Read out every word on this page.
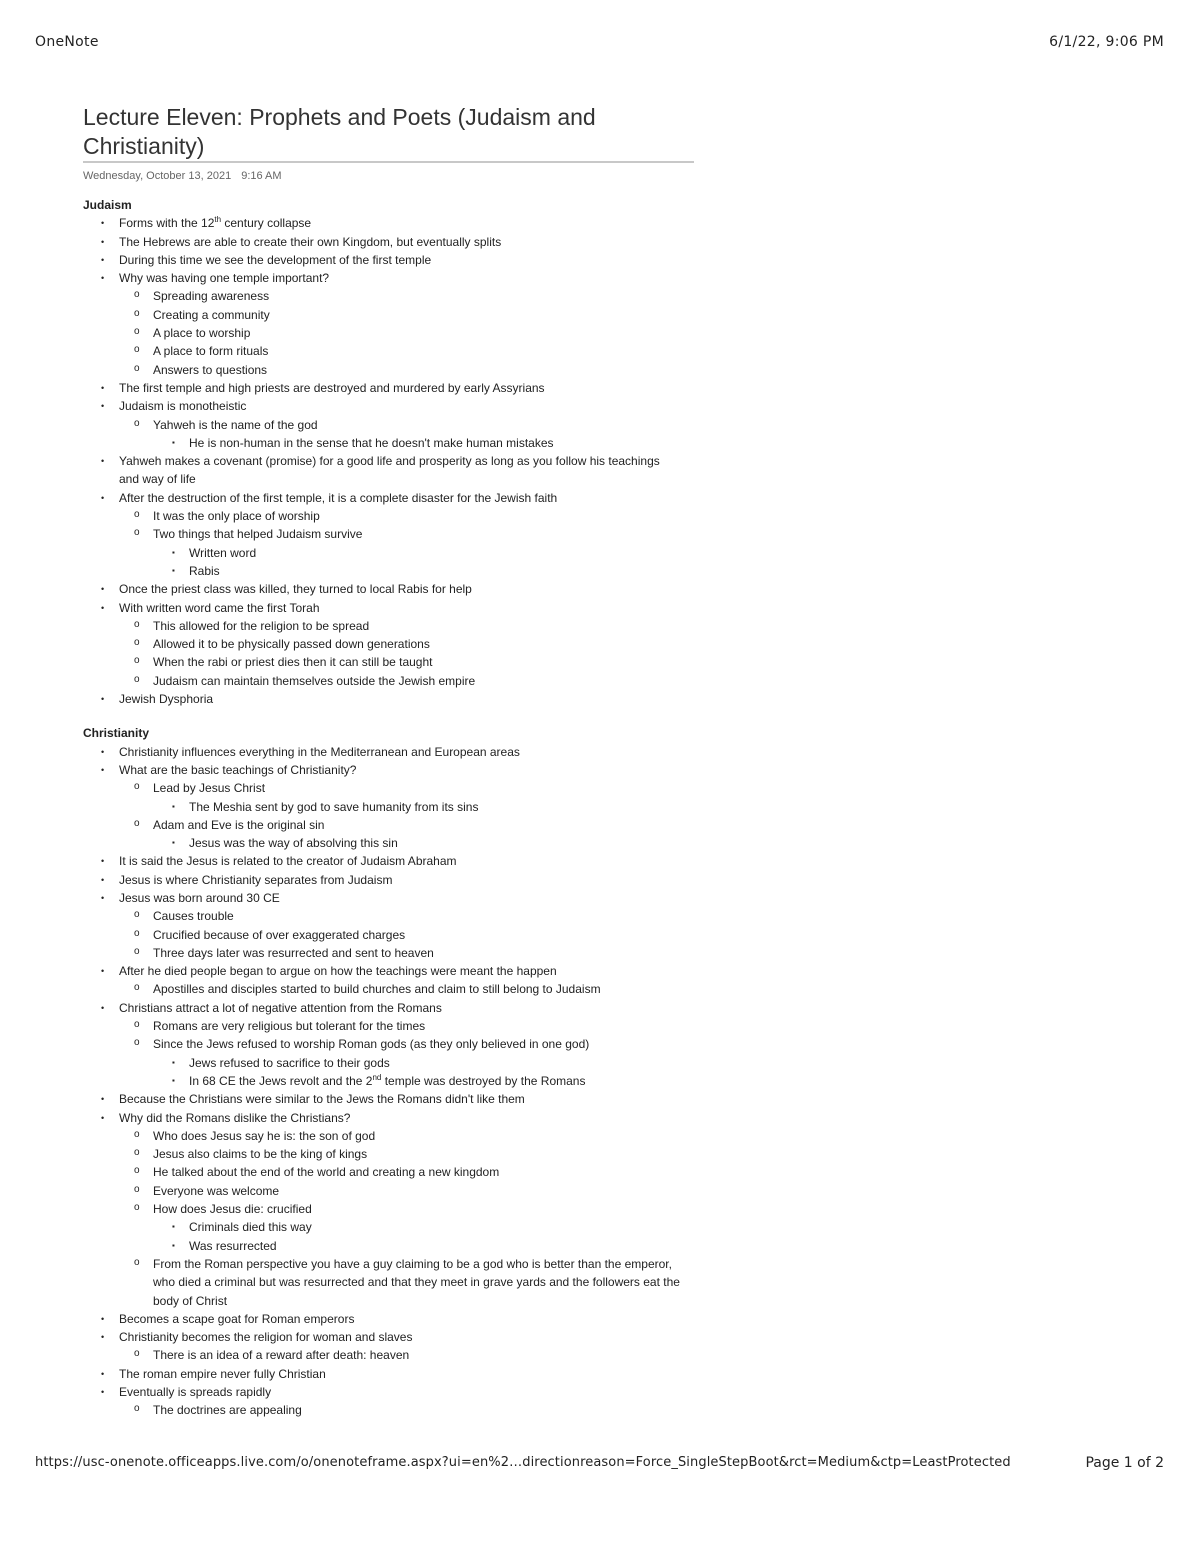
OneNote	6/1/22, 9:06 PM
Lecture Eleven: Prophets and Poets (Judaism and Christianity)
Wednesday, October 13, 2021 9:16 AM
Judaism
• Forms with the 12th century collapse
• The Hebrews are able to create their own Kingdom, but eventually splits
• During this time we see the development of the first temple
• Why was having one temple important?
o Spreading awareness
o Creating a community
o A place to worship
o A place to form rituals
o Answers to questions
• The first temple and high priests are destroyed and murdered by early Assyrians
• Judaism is monotheistic
o Yahweh is the name of the god
▪ He is non-human in the sense that he doesn't make human mistakes
• Yahweh makes a covenant (promise) for a good life and prosperity as long as you follow his teachings and way of life
• After the destruction of the first temple, it is a complete disaster for the Jewish faith
o It was the only place of worship
o Two things that helped Judaism survive
▪ Written word
▪ Rabis
• Once the priest class was killed, they turned to local Rabis for help
• With written word came the first Torah
o This allowed for the religion to be spread
o Allowed it to be physically passed down generations
o When the rabi or priest dies then it can still be taught
o Judaism can maintain themselves outside the Jewish empire
• Jewish Dysphoria
Christianity
• Christianity influences everything in the Mediterranean and European areas
• What are the basic teachings of Christianity?
o Lead by Jesus Christ
▪ The Meshia sent by god to save humanity from its sins
o Adam and Eve is the original sin
▪ Jesus was the way of absolving this sin
• It is said the Jesus is related to the creator of Judaism Abraham
• Jesus is where Christianity separates from Judaism
• Jesus was born around 30 CE
o Causes trouble
o Crucified because of over exaggerated charges
o Three days later was resurrected and sent to heaven
• After he died people began to argue on how the teachings were meant the happen
o Apostilles and disciples started to build churches and claim to still belong to Judaism
• Christians attract a lot of negative attention from the Romans
o Romans are very religious but tolerant for the times
o Since the Jews refused to worship Roman gods (as they only believed in one god)
▪ Jews refused to sacrifice to their gods
▪ In 68 CE the Jews revolt and the 2nd temple was destroyed by the Romans
• Because the Christians were similar to the Jews the Romans didn't like them
• Why did the Romans dislike the Christians?
o Who does Jesus say he is: the son of god
o Jesus also claims to be the king of kings
o He talked about the end of the world and creating a new kingdom
o Everyone was welcome
o How does Jesus die: crucified
▪ Criminals died this way
▪ Was resurrected
o From the Roman perspective you have a guy claiming to be a god who is better than the emperor, who died a criminal but was resurrected and that they meet in grave yards and the followers eat the body of Christ
• Becomes a scape goat for Roman emperors
• Christianity becomes the religion for woman and slaves
o There is an idea of a reward after death: heaven
• The roman empire never fully Christian
• Eventually is spreads rapidly
o The doctrines are appealing
https://usc-onenote.officeapps.live.com/o/onenoteframe.aspx?ui=en%2…directionreason=Force_SingleStepBoot&rct=Medium&ctp=LeastProtected	Page 1 of 2
